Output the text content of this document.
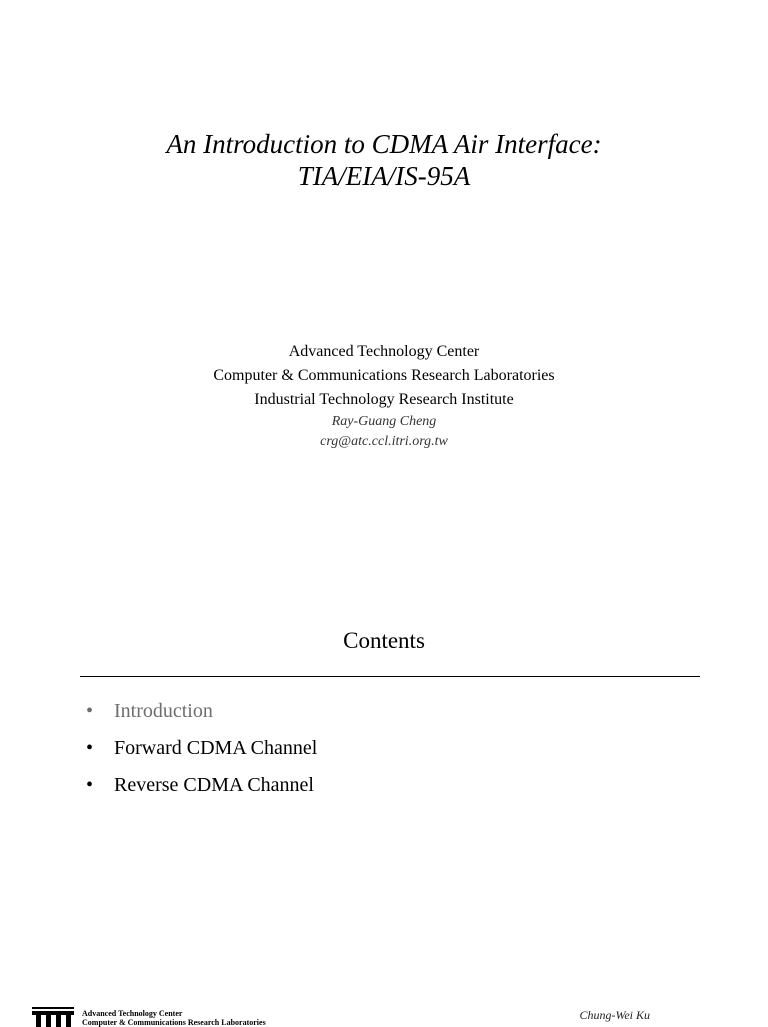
An Introduction to CDMA Air Interface:
TIA/EIA/IS-95A
Advanced Technology Center
Computer & Communications Research Laboratories
Industrial Technology Research Institute
Ray-Guang Cheng
crg@atc.ccl.itri.org.tw
Contents
•	Introduction
•	Forward CDMA Channel
•	Reverse CDMA Channel
Advanced Technology Center
Computer & Communications Research Laboratories
Chung-Wei Ku
